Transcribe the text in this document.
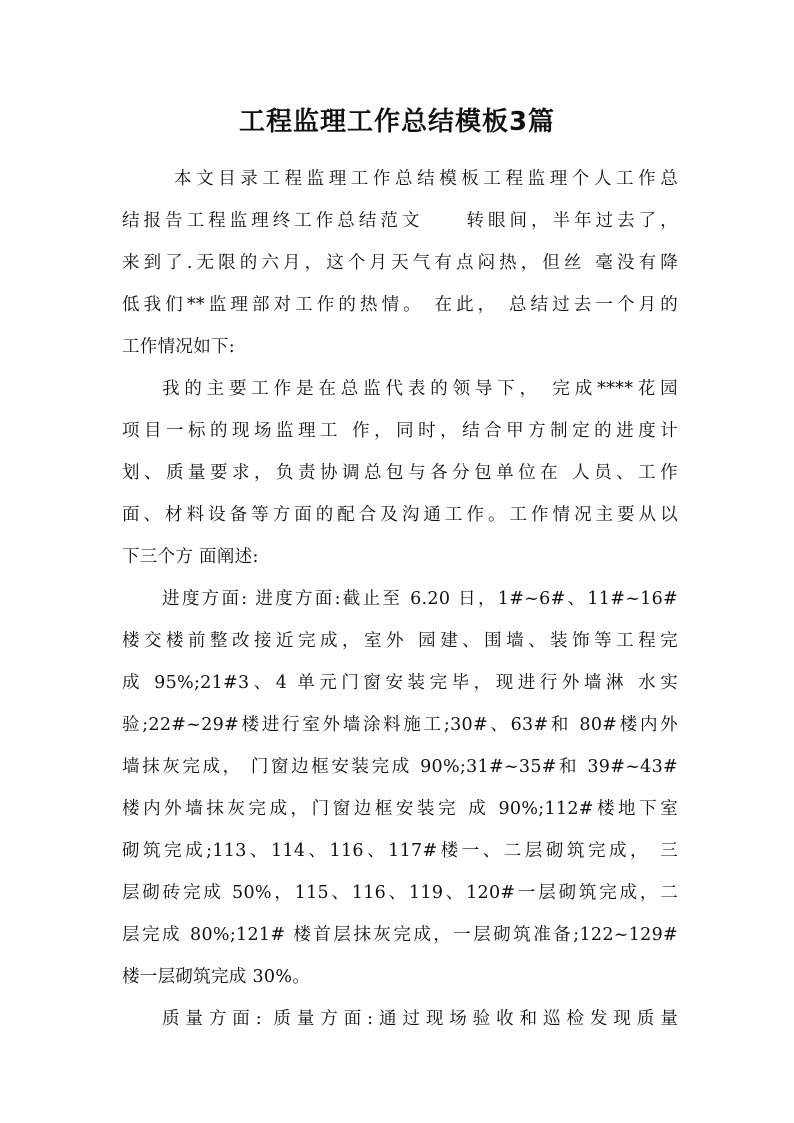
工程监理工作总结模板3篇
本文目录工程监理工作总结模板工程监理个人工作总
结报告工程监理终工作总结范文　　转眼间，半年过去了，
来到了.无限的六月，这个月天气有点闷热，但丝 毫没有降
低我们**监理部对工作的热情。 在此， 总结过去一个月的
工作情况如下:
我的主要工作是在总监代表的领导下， 完成****花园
项目一标的现场监理工 作，同时，结合甲方制定的进度计
划、质量要求，负责协调总包与各分包单位在 人员、工作
面、材料设备等方面的配合及沟通工作。工作情况主要从以
下三个方 面阐述:
进度方面: 进度方面:截止至 6.20 日，1#~6#、11#~16#
楼交楼前整改接近完成，室外 园建、围墙、装饰等工程完
成 95%;21#3、4 单元门窗安装完毕，现进行外墙淋 水实
验;22#~29#楼进行室外墙涂料施工;30#、63#和 80#楼内外
墙抹灰完成， 门窗边框安装完成 90%;31#~35#和 39#~43#
楼内外墙抹灰完成，门窗边框安装完 成 90%;112#楼地下室
砌筑完成;113、114、116、117#楼一、二层砌筑完成， 三
层砌砖完成 50%，115、116、119、120#一层砌筑完成，二
层完成 80%;121# 楼首层抹灰完成，一层砌筑准备;122~129#
楼一层砌筑完成 30%。
质量方面: 质量方面:通过现场验收和巡检发现质量
